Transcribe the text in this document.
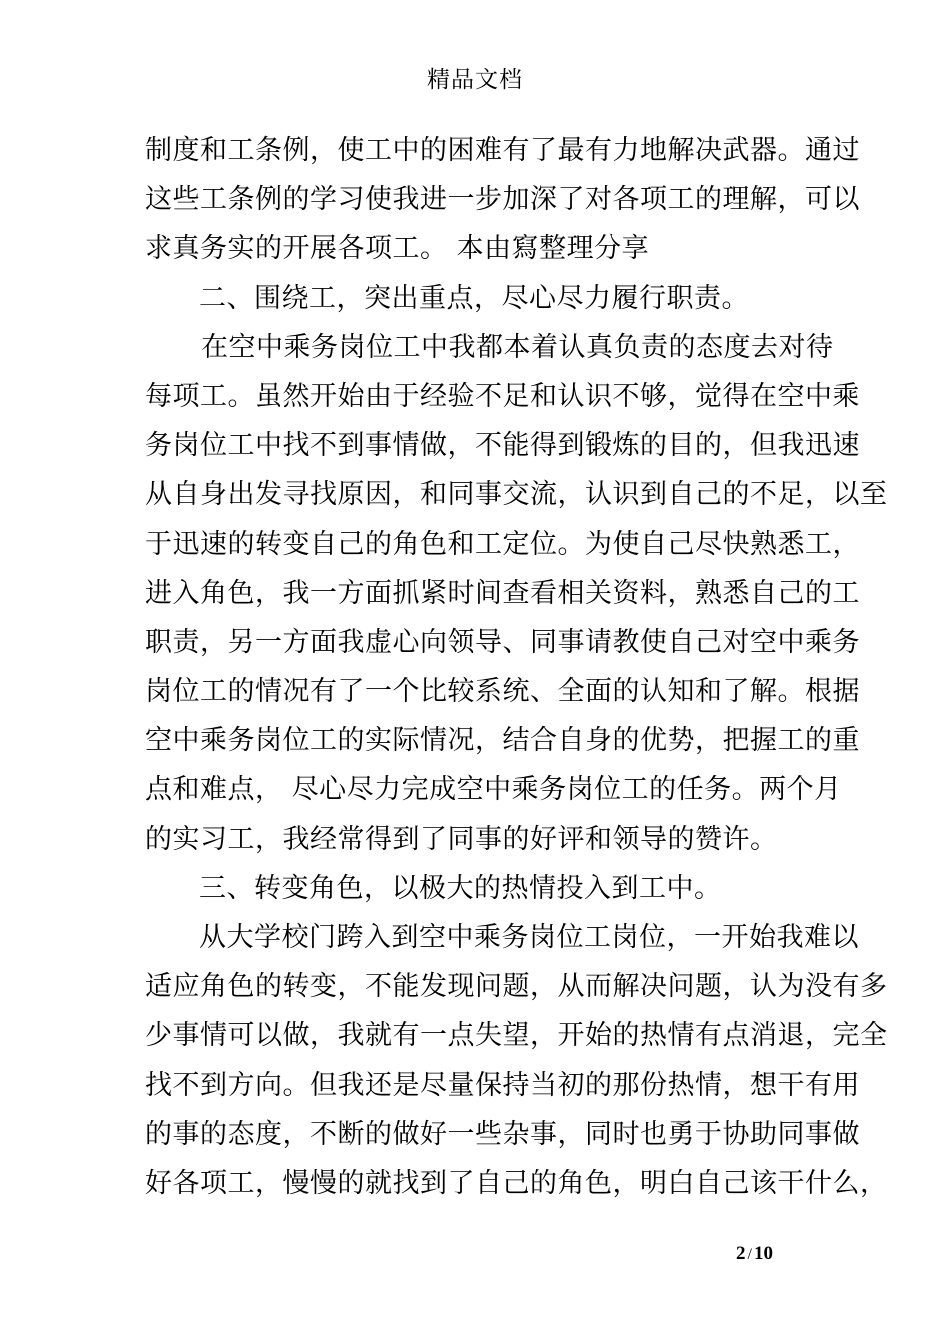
精品文档
制度和工条例，使工中的困难有了最有力地解决武器。通过
这些工条例的学习使我进一步加深了对各项工的理解，可以
求真务实的开展各项工。 本由寫整理分享
二、围绕工，突出重点，尽心尽力履行职责。
在空中乘务岗位工中我都本着认真负责的态度去对待
每项工。虽然开始由于经验不足和认识不够，觉得在空中乘
务岗位工中找不到事情做，不能得到锻炼的目的，但我迅速
从自身出发寻找原因，和同事交流，认识到自己的不足，以至
于迅速的转变自己的角色和工定位。为使自己尽快熟悉工，
进入角色，我一方面抓紧时间查看相关资料，熟悉自己的工
职责，另一方面我虚心向领导、同事请教使自己对空中乘务
岗位工的情况有了一个比较系统、全面的认知和了解。根据
空中乘务岗位工的实际情况，结合自身的优势，把握工的重
点和难点， 尽心尽力完成空中乘务岗位工的任务。两个月
的实习工，我经常得到了同事的好评和领导的赞许。
三、转变角色，以极大的热情投入到工中。
从大学校门跨入到空中乘务岗位工岗位，一开始我难以
适应角色的转变，不能发现问题，从而解决问题，认为没有多
少事情可以做，我就有一点失望，开始的热情有点消退，完全
找不到方向。但我还是尽量保持当初的那份热情，想干有用
的事的态度，不断的做好一些杂事，同时也勇于协助同事做
好各项工，慢慢的就找到了自己的角色，明白自己该干什么，
2 / 10
